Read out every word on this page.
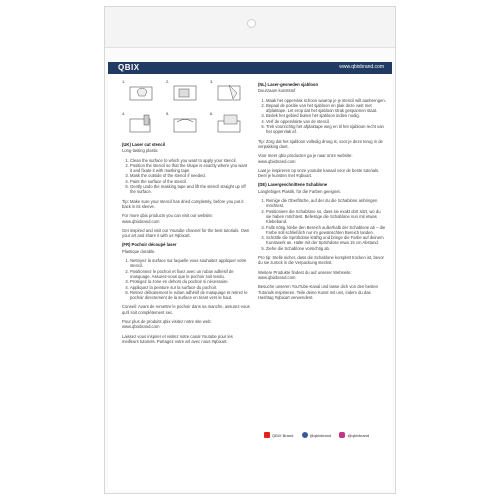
QBIX	www.qbixbrand.com
1.	2.	3.
4.	5.	6.
(UK) Laser cut stencil

Long-lasting plastic

1. Clean the surface to which you want to apply your stencil.
2. Position the stencil so that the shape is exactly where you want it and fixate it with masking tape.
3. Mask the outside of the stencil if needed.
4. Paint the surface of the stencil.
5. Gently undo the masking tape and lift the stencil straight up off the surface.

Tip: Make sure your stencil has dried completely, before you put it back in its sleeve.

For more qbix products you can visit our website: www.qbixbrand.com

Get inspired and visit our Youtube channel for the best tutorials. Own your art and share it with us #qbixart.

(FR) Pochoir découpé laser

Plastique durable.

1. Nettoyez la surface sur laquelle vous souhaitez appliquer votre stencil.
2. Positionnez le pochoir et fixez avec un ruban adhésif de masquage. Assurez-vous que le pochoir soit tendu.
3. Protégez la zone en dehors du pochoir si nécessaire.
4. Appliquez la peinture sur la surface du pochoir.
5. Retirez délicatement le ruban adhésif de masquage et retirez le pochoir directement de la surface en tirant vers le haut.

Conseil: Avant de remettre le pochoir dans sa manche, assurez-vous qu'il soit complètement sec.

Pour plus de produits qbix visitez notre site web: www.qbixbrand.com

Laissez vous inspirer et visitez notre canal Youtube pour les meilleurs tutoriels. Partagez votre art avec nous #qbixart.

(NL) Laser-gesneden sjabloon

Duurzaam kunststof

1. Maak het oppervlak schoon waarop je je stencil wilt aanbrengen.
2. Bepaal de positie van het sjabloon en plak deze vast met afplaktape. Let erop dat het sjabloon strak gespannen staat.
3. Bedek het gebied buiten het sjabloon indien nodig.
4. Verf de oppervlakte van de stencil.
5. Trek voorzichtig het afplaktape weg en til het sjabloon recht van het oppervlak af.

Tip: Zorg dat het sjabloon volledig droog is, voor je deze terug in de verpakking doet.

Voor meer qbix producten ga je naar onze website: www.qbixbrand.com

Laat je inspireren op onze youtube kanaal voor de beste tutorials. Deel je kunsten met #qbixart.

(DE) Lasergeschnittene Schablone

Langlebiges Plastik, für die Farben geeignet.

1. Reinige die Oberfläche, auf der du die Schablone anbringen möchtest.
2. Positioniere die Schablone so, dass sie exakt dort sitzt, wo du sie haben möchtest. Befestige die Schablone nun mit etwas Klebeband.
3. Falls nötig, klebe den Bereich außerhalb der Schablone ab – die Farbe soll schließlich nur im gewünschten Bereich landen.
4. Schüttle die Sprühdose kräftig und bringe die Farbe auf deinem Kunstwerk an. Halte mit der Sprühdose etwa 15 cm Abstand.
5. Ziehe die Schablone vorsichtig ab.

Pro tip: Stelle sicher, dass die Schablone komplett trocken ist, bevor du sie zurück in die Verpackung steckst.

Weitere Produkte findest du auf unserer Webseite: www.qbixbrand.com

Besuche unseren YouTube-Kanal und lasse dich von den besten Tutorials inspirieren. Teile deine Kunst mit uns, indem du das Hashtag #qbixart verwendest.

QBIX Brand	@qbixbrand	@qbixbrand
